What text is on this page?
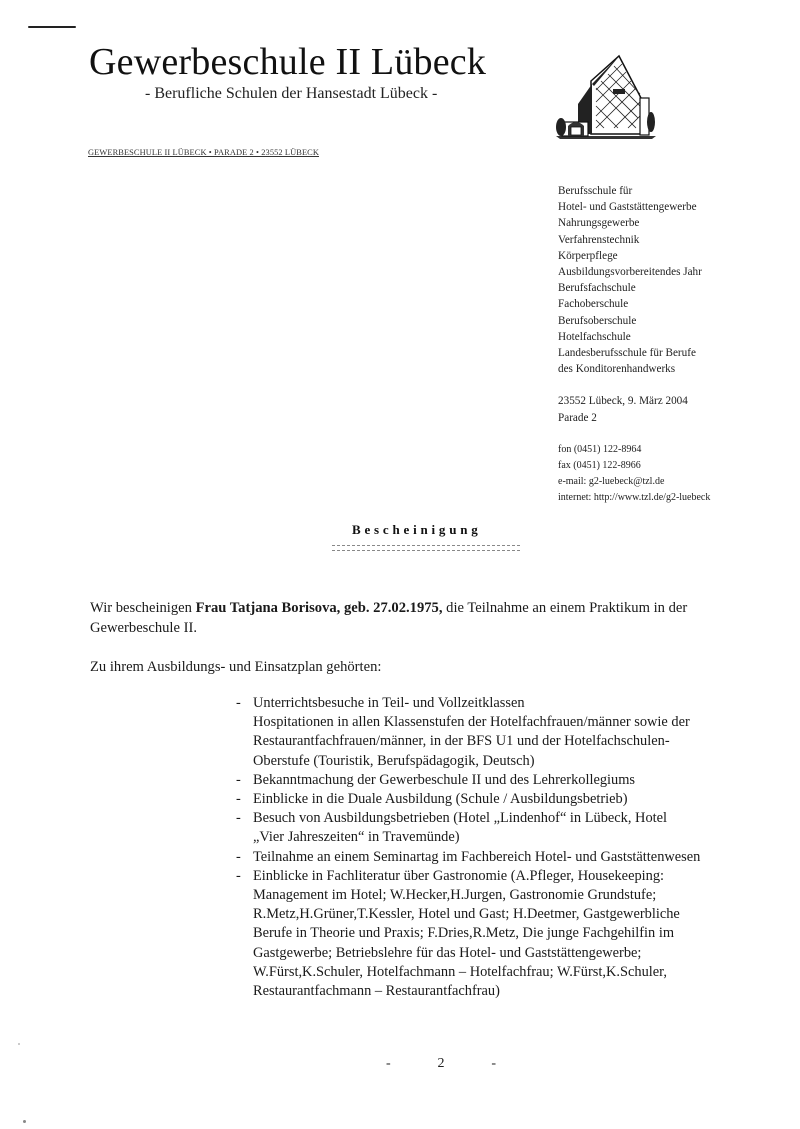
Gewerbeschule II Lübeck
- Berufliche Schulen der Hansestadt Lübeck -
GEWERBESCHULE II LÜBECK • PARADE 2 • 23552 LÜBECK
Berufsschule für
Hotel- und Gaststättengewerbe
Nahrungsgewerbe
Verfahrenstechnik
Körperpflege
Ausbildungsvorbereitendes Jahr
Berufsfachschule
Fachoberschule
Berufsoberschule
Hotelfachschule
Landesberufsschule für Berufe
des Konditorenhandwerks
23552 Lübeck, 9. März 2004
Parade 2
fon (0451) 122-8964
fax (0451) 122-8966
e-mail: g2-luebeck@tzl.de
internet: http://www.tzl.de/g2-luebeck
Bescheinigung
Wir bescheinigen Frau Tatjana Borisova, geb. 27.02.1975, die Teilnahme an einem Praktikum in der
Gewerbeschule II.
Zu ihrem Ausbildungs- und Einsatzplan gehörten:
- Unterrichtsbesuche in Teil- und Vollzeitklassen
Hospitationen in allen Klassenstufen der Hotelfachfrauen/männer sowie der
Restaurantfachfrauen/männer, in der BFS U1 und der Hotelfachschulen-
Oberstufe (Touristik, Berufspädagogik, Deutsch)
- Bekanntmachung der Gewerbeschule II und des Lehrerkollegiums
- Einblicke in die Duale Ausbildung (Schule / Ausbildungsbetrieb)
- Besuch von Ausbildungsbetrieben (Hotel „Lindenhof“ in Lübeck, Hotel
„Vier Jahreszeiten“ in Travemünde)
- Teilnahme an einem Seminartag im Fachbereich Hotel- und Gaststättenwesen
- Einblicke in Fachliteratur über Gastronomie (A.Pfleger, Housekeeping:
Management im Hotel; W.Hecker,H.Jurgen, Gastronomie Grundstufe;
R.Metz,H.Grüner,T.Kessler, Hotel und Gast; H.Deetmer, Gastgewerbliche
Berufe in Theorie und Praxis; F.Dries,R.Metz, Die junge Fachgehilfin im
Gastgewerbe; Betriebslehre für das Hotel- und Gaststättengewerbe;
W.Fürst,K.Schuler, Hotelfachmann – Hotelfachfrau; W.Fürst,K.Schuler,
Restaurantfachmann – Restaurantfachfrau)
-	2	-
